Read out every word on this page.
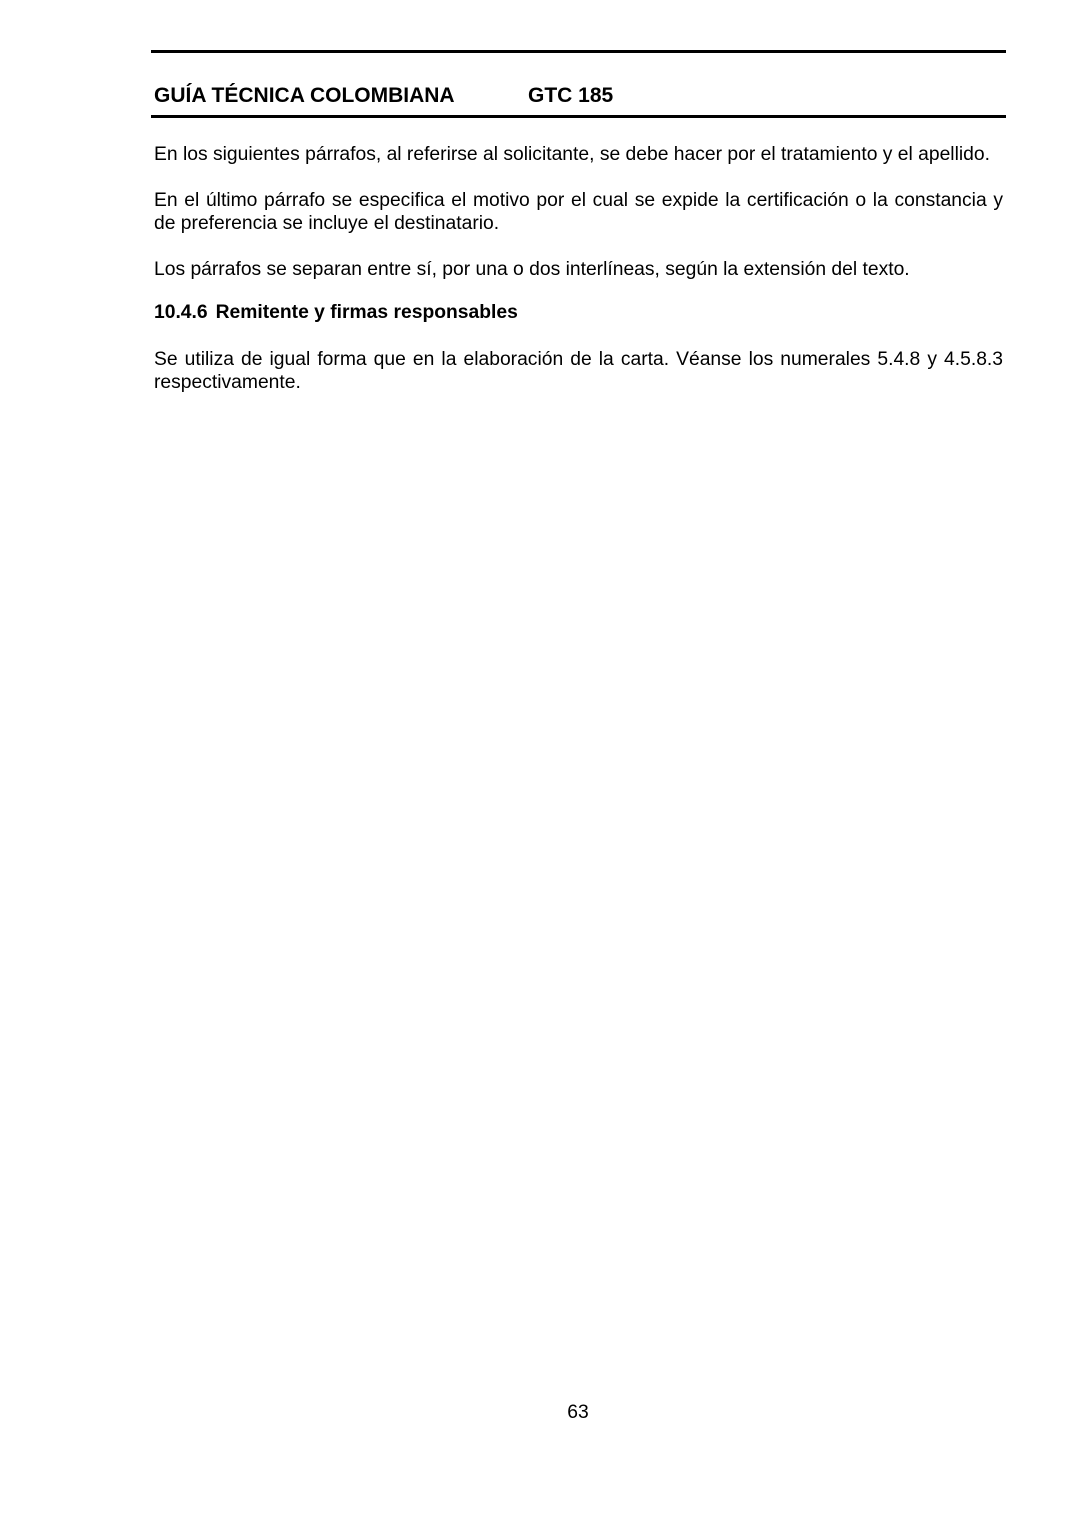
GUÍA TÉCNICA COLOMBIANA	GTC 185

En los siguientes párrafos, al referirse al solicitante, se debe hacer por el tratamiento y el apellido.

En el último párrafo se especifica el motivo por el cual se expide la certificación o la constancia y de preferencia se incluye el destinatario.

Los párrafos se separan entre sí, por una o dos interlíneas, según la extensión del texto.

10.4.6 Remitente y firmas responsables

Se utiliza de igual forma que en la elaboración de la carta. Véanse los numerales 5.4.8 y 4.5.8.3 respectivamente.

63
